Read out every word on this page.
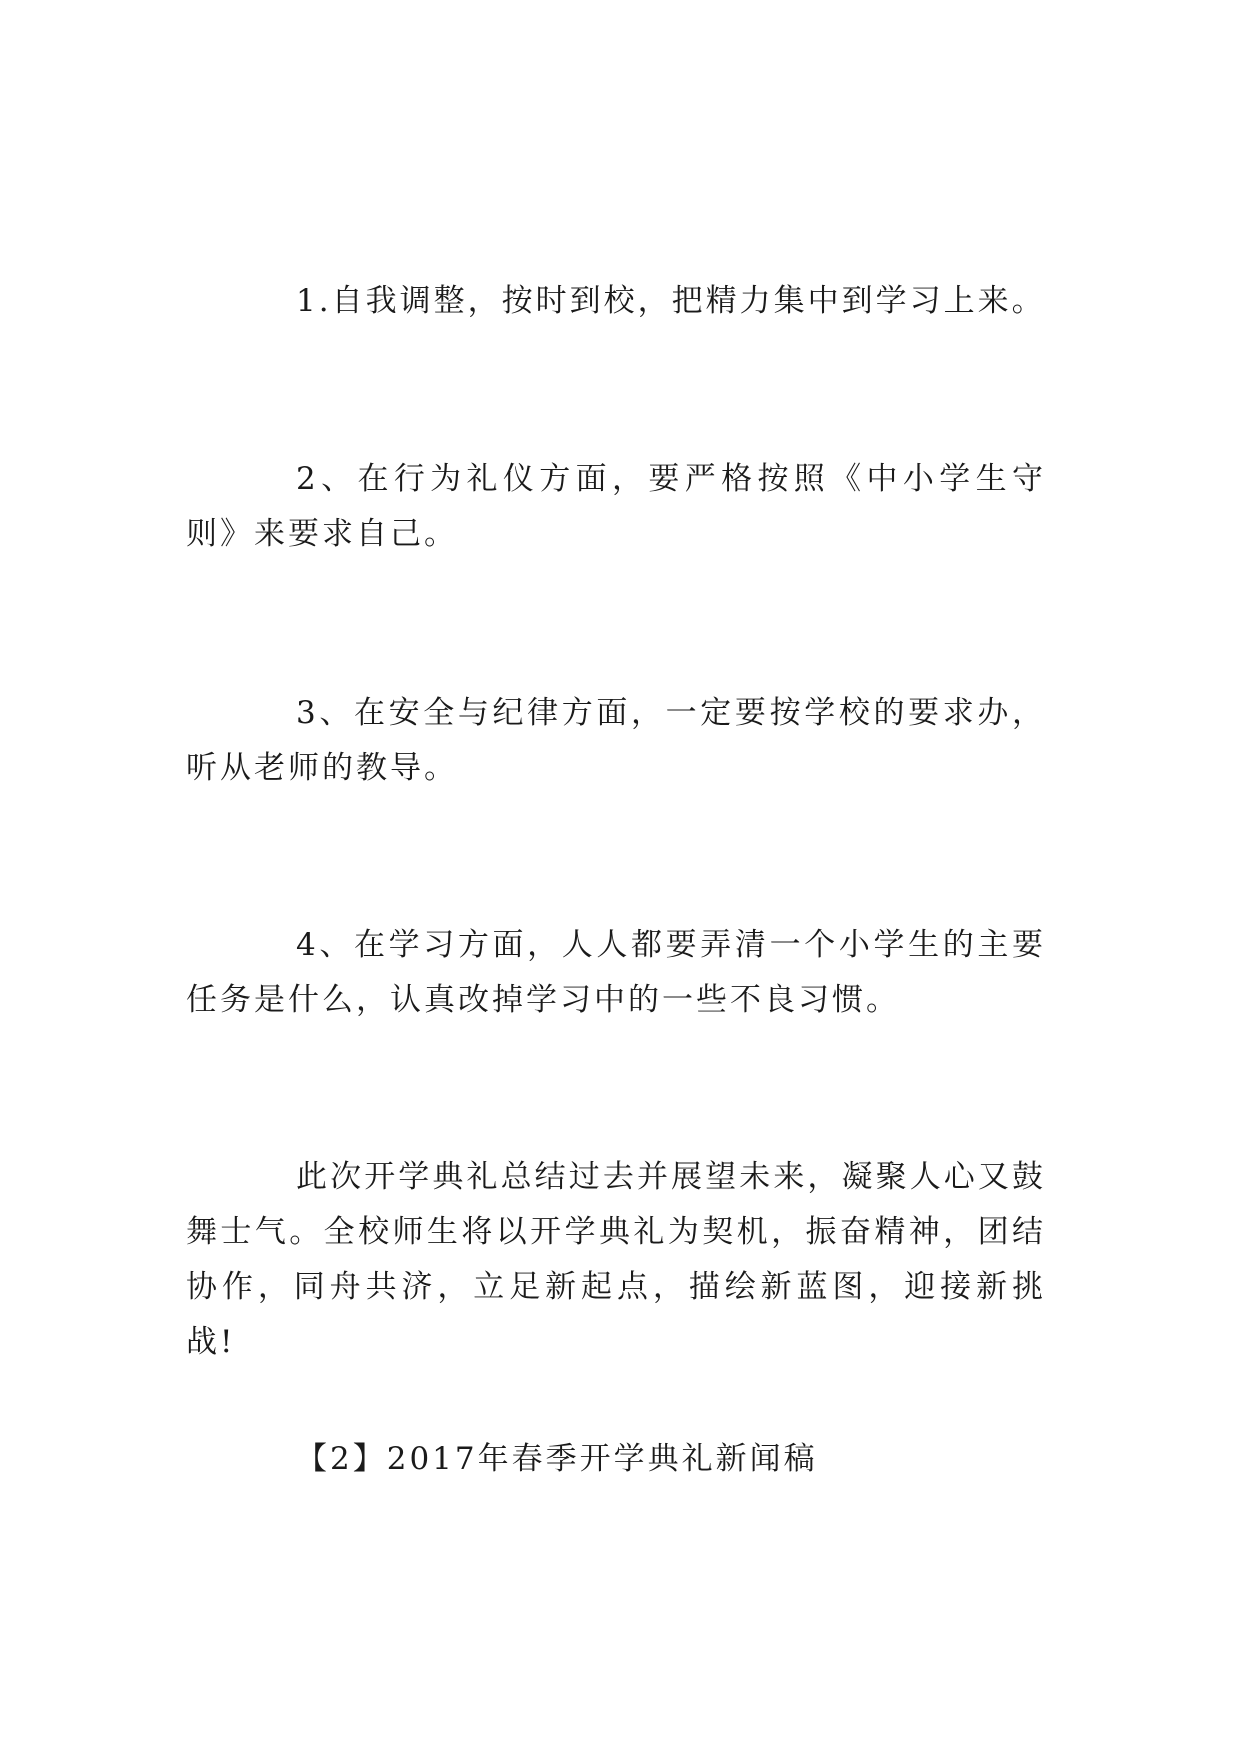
1.自我调整，按时到校，把精力集中到学习上来。

2、在行为礼仪方面，要严格按照《中小学生守则》来要求自己。

3、在安全与纪律方面，一定要按学校的要求办，听从老师的教导。

4、在学习方面，人人都要弄清一个小学生的主要任务是什么，认真改掉学习中的一些不良习惯。

此次开学典礼总结过去并展望未来，凝聚人心又鼓舞士气。全校师生将以开学典礼为契机，振奋精神，团结协作，同舟共济，立足新起点，描绘新蓝图，迎接新挑战!

【2】2017年春季开学典礼新闻稿
